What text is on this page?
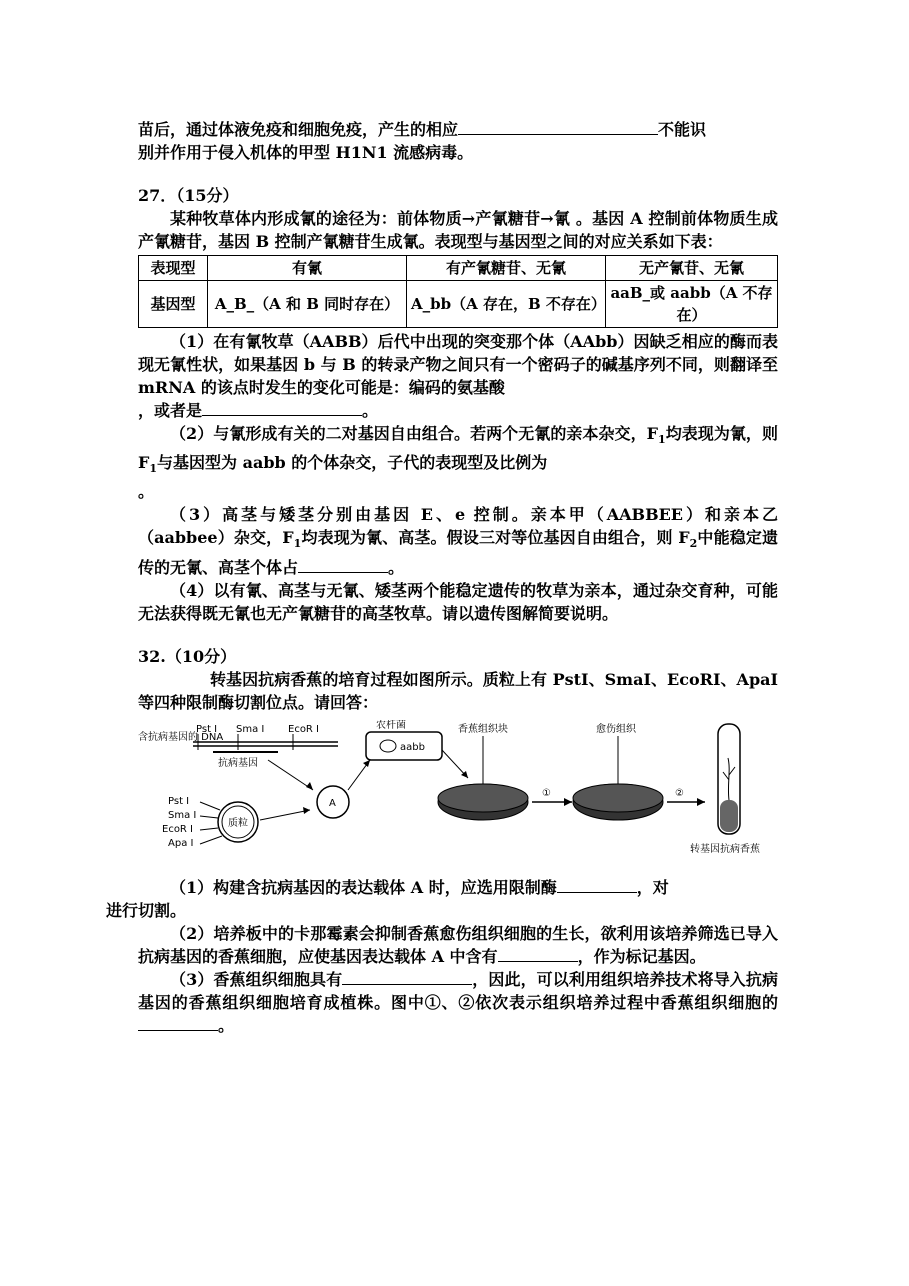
苗后，通过体液免疫和细胞免疫，产生的相应	不能识
别并作用于侵入机体的甲型 H1N1 流感病毒。

27．（15分）

某种牧草体内形成氰的途径为：前体物质→产氰糖苷→氰 。基因 A 控制前体物质生成产氰糖苷，基因 B 控制产氰糖苷生成氰。表现型与基因型之间的对应关系如下表：

表现型	有氰	有产氰糖苷、无氰	无产氰苷、无氰
基因型	A_B_（A 和 B 同时存在）	A_bb（A 存在，B 不存在）	aaB_或 aabb（A 不存在）

（1）在有氰牧草（AABB）后代中出现的突变那个体（AAbb）因缺乏相应的酶而表现无氰性状，如果基因 b 与 B 的转录产物之间只有一个密码子的碱基序列不同，则翻译至 mRNA 的该点时发生的变化可能是：编码的氨基酸
，或者是	。

（2）与氰形成有关的二对基因自由组合。若两个无氰的亲本杂交，$F_1$均表现为氰，则 $F_1$与基因型为 aabb 的个体杂交，子代的表现型及比例为
。

（3）高茎与矮茎分别由基因 E、e 控制。亲本甲（AABBEE）和亲本乙（aabbee）杂交，$F_1$均表现为氰、高茎。假设三对等位基因自由组合，则 $F_2$中能稳定遗传的无氰、高茎个体占	。

（4）以有氰、高茎与无氰、矮茎两个能稳定遗传的牧草为亲本，通过杂交育种，可能无法获得既无氰也无产氰糖苷的高茎牧草。请以遗传图解简要说明。

32.（10分）

转基因抗病香蕉的培育过程如图所示。质粒上有 PstI、SmaI、EcoRI、ApaI 等四种限制酶切割位点。请回答：

含抗病基因的 DNA
Pst I Sma I EcoR I
抗病基因
质粒
Pst I
Sma I
EcoR I
Apa I
A
农杆菌
aabb
香蕉组织块
①
愈伤组织
②
转基因抗病香蕉

（1）构建含抗病基因的表达载体 A 时，应选用限制酶	，对
进行切割。

（2）培养板中的卡那霉素会抑制香蕉愈伤组织细胞的生长，欲利用该培养筛选已导入抗病基因的香蕉细胞，应使基因表达载体 A 中含有	，作为标记基因。

（3）香蕉组织细胞具有	，因此，可以利用组织培养技术将导入抗病基因的香蕉组织细胞培育成植株。图中①、②依次表示组织培养过程中香蕉组织细胞的。
